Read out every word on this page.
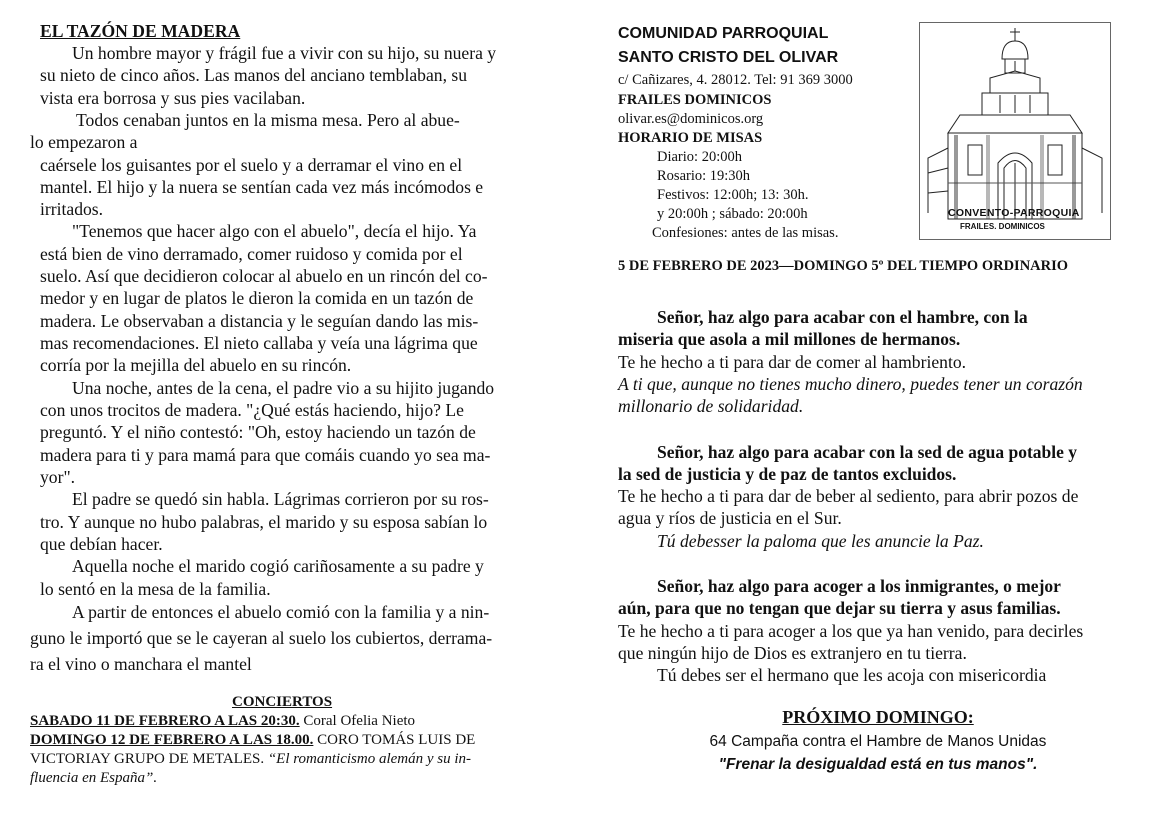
EL TAZÓN DE MADERA
Un hombre mayor y frágil fue a vivir con su hijo, su nuera y
su nieto de cinco años. Las manos del anciano temblaban, su
vista era borrosa y sus pies vacilaban.
Todos cenaban juntos en la misma mesa. Pero al abue-
lo empezaron a
caérsele los guisantes por el suelo y a derramar el vino en el
mantel. El hijo y la nuera se sentían cada vez más incómodos e
irritados.
"Tenemos que hacer algo con el abuelo", decía el hijo. Ya
está bien de vino derramado, comer ruidoso y comida por el
suelo. Así que decidieron colocar al abuelo en un rincón del co-
medor y en lugar de platos le dieron la comida en un tazón de
madera. Le observaban a distancia y le seguían dando las mis-
mas recomendaciones. El nieto callaba y veía una lágrima que
corría por la mejilla del abuelo en su rincón.
Una noche, antes de la cena, el padre vio a su hijito jugando
con unos trocitos de madera. "¿Qué estás haciendo, hijo? Le
preguntó. Y el niño contestó: "Oh, estoy haciendo un tazón de
madera para ti y para mamá para que comáis cuando yo sea ma-
yor".
El padre se quedó sin habla. Lágrimas corrieron por su ros-
tro. Y aunque no hubo palabras, el marido y su esposa sabían lo
que debían hacer.
Aquella noche el marido cogió cariñosamente a su padre y
lo sentó en la mesa de la familia.
A partir de entonces el abuelo comió con la familia y a nin-
guno le importó que se le cayeran al suelo los cubiertos, derrama-
ra el vino o manchara el mantel
CONCIERTOS
SABADO 11 DE FEBRERO A LAS 20:30. Coral Ofelia Nieto
DOMINGO 12 DE FEBRERO A LAS 18.00. CORO TOMÁS LUIS DE
VICTORIAY GRUPO DE METALES. “El romanticismo alemán y su in-
fluencia en España”.
COMUNIDAD PARROQUIAL
SANTO CRISTO DEL OLIVAR
c/ Cañizares, 4. 28012. Tel: 91 369 3000
FRAILES DOMINICOS
olivar.es@dominicos.org
HORARIO DE MISAS
Diario: 20:00h
Rosario: 19:30h
Festivos: 12:00h; 13: 30h.
y 20:00h ; sábado: 20:00h
Confesiones: antes de las misas.
CONVENTO-PARROQUIA
FRAILES. DOMINICOS
5 DE FEBRERO DE 2023—DOMINGO 5º DEL TIEMPO ORDINARIO
Señor, haz algo para acabar con el hambre, con la
miseria que asola a mil millones de hermanos.
Te he hecho a ti para dar de comer al hambriento.
A ti que, aunque no tienes mucho dinero, puedes tener un corazón
millonario de solidaridad.
Señor, haz algo para acabar con la sed de agua potable y
la sed de justicia y de paz de tantos excluidos.
Te he hecho a ti para dar de beber al sediento, para abrir pozos de
agua y ríos de justicia en el Sur.
Tú debesser la paloma que les anuncie la Paz.
Señor, haz algo para acoger a los inmigrantes, o mejor
aún, para que no tengan que dejar su tierra y asus familias.
Te he hecho a ti para acoger a los que ya han venido, para decirles
que ningún hijo de Dios es extranjero en tu tierra.
Tú debes ser el hermano que les acoja con misericordia
PRÓXIMO DOMINGO:
64 Campaña contra el Hambre de Manos Unidas
"Frenar la desigualdad está en tus manos".
